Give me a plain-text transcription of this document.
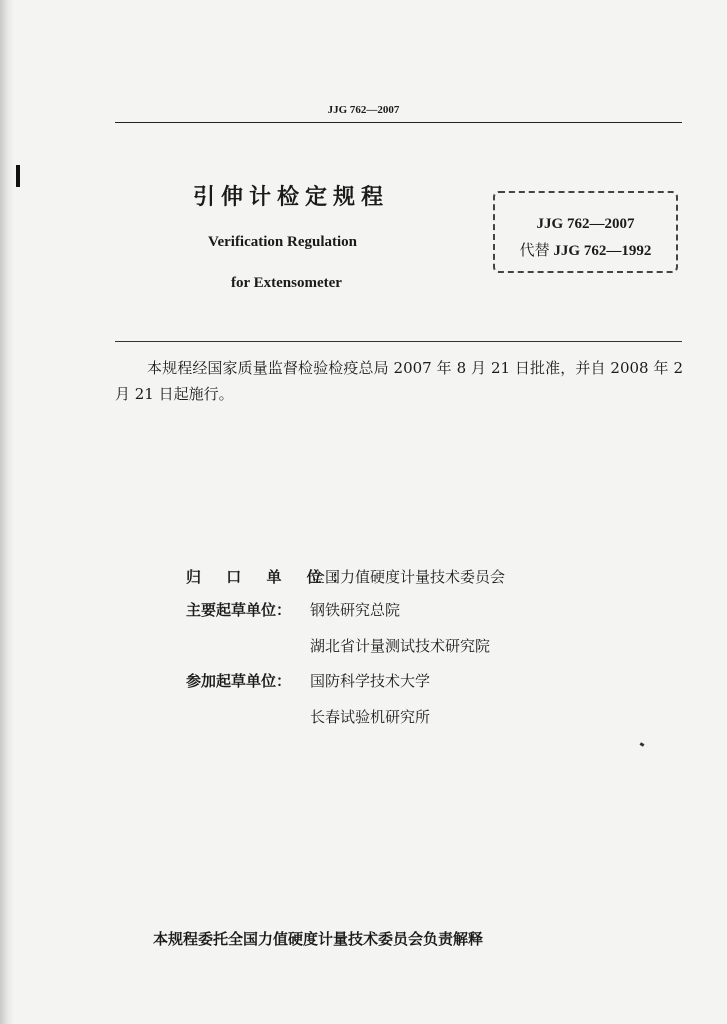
JJG 762—2007
引伸计检定规程
Verification Regulation
for Extensometer
JJG 762—2007
代替 JJG 762—1992
本规程经国家质量监督检验检疫总局 2007 年 8 月 21 日批准，并自 2008 年 2 月 21 日起施行。
归 口 单 位：全国力值硬度计量技术委员会
主要起草单位： 钢铁研究总院
湖北省计量测试技术研究院
参加起草单位： 国防科学技术大学
长春试验机研究所
本规程委托全国力值硬度计量技术委员会负责解释
